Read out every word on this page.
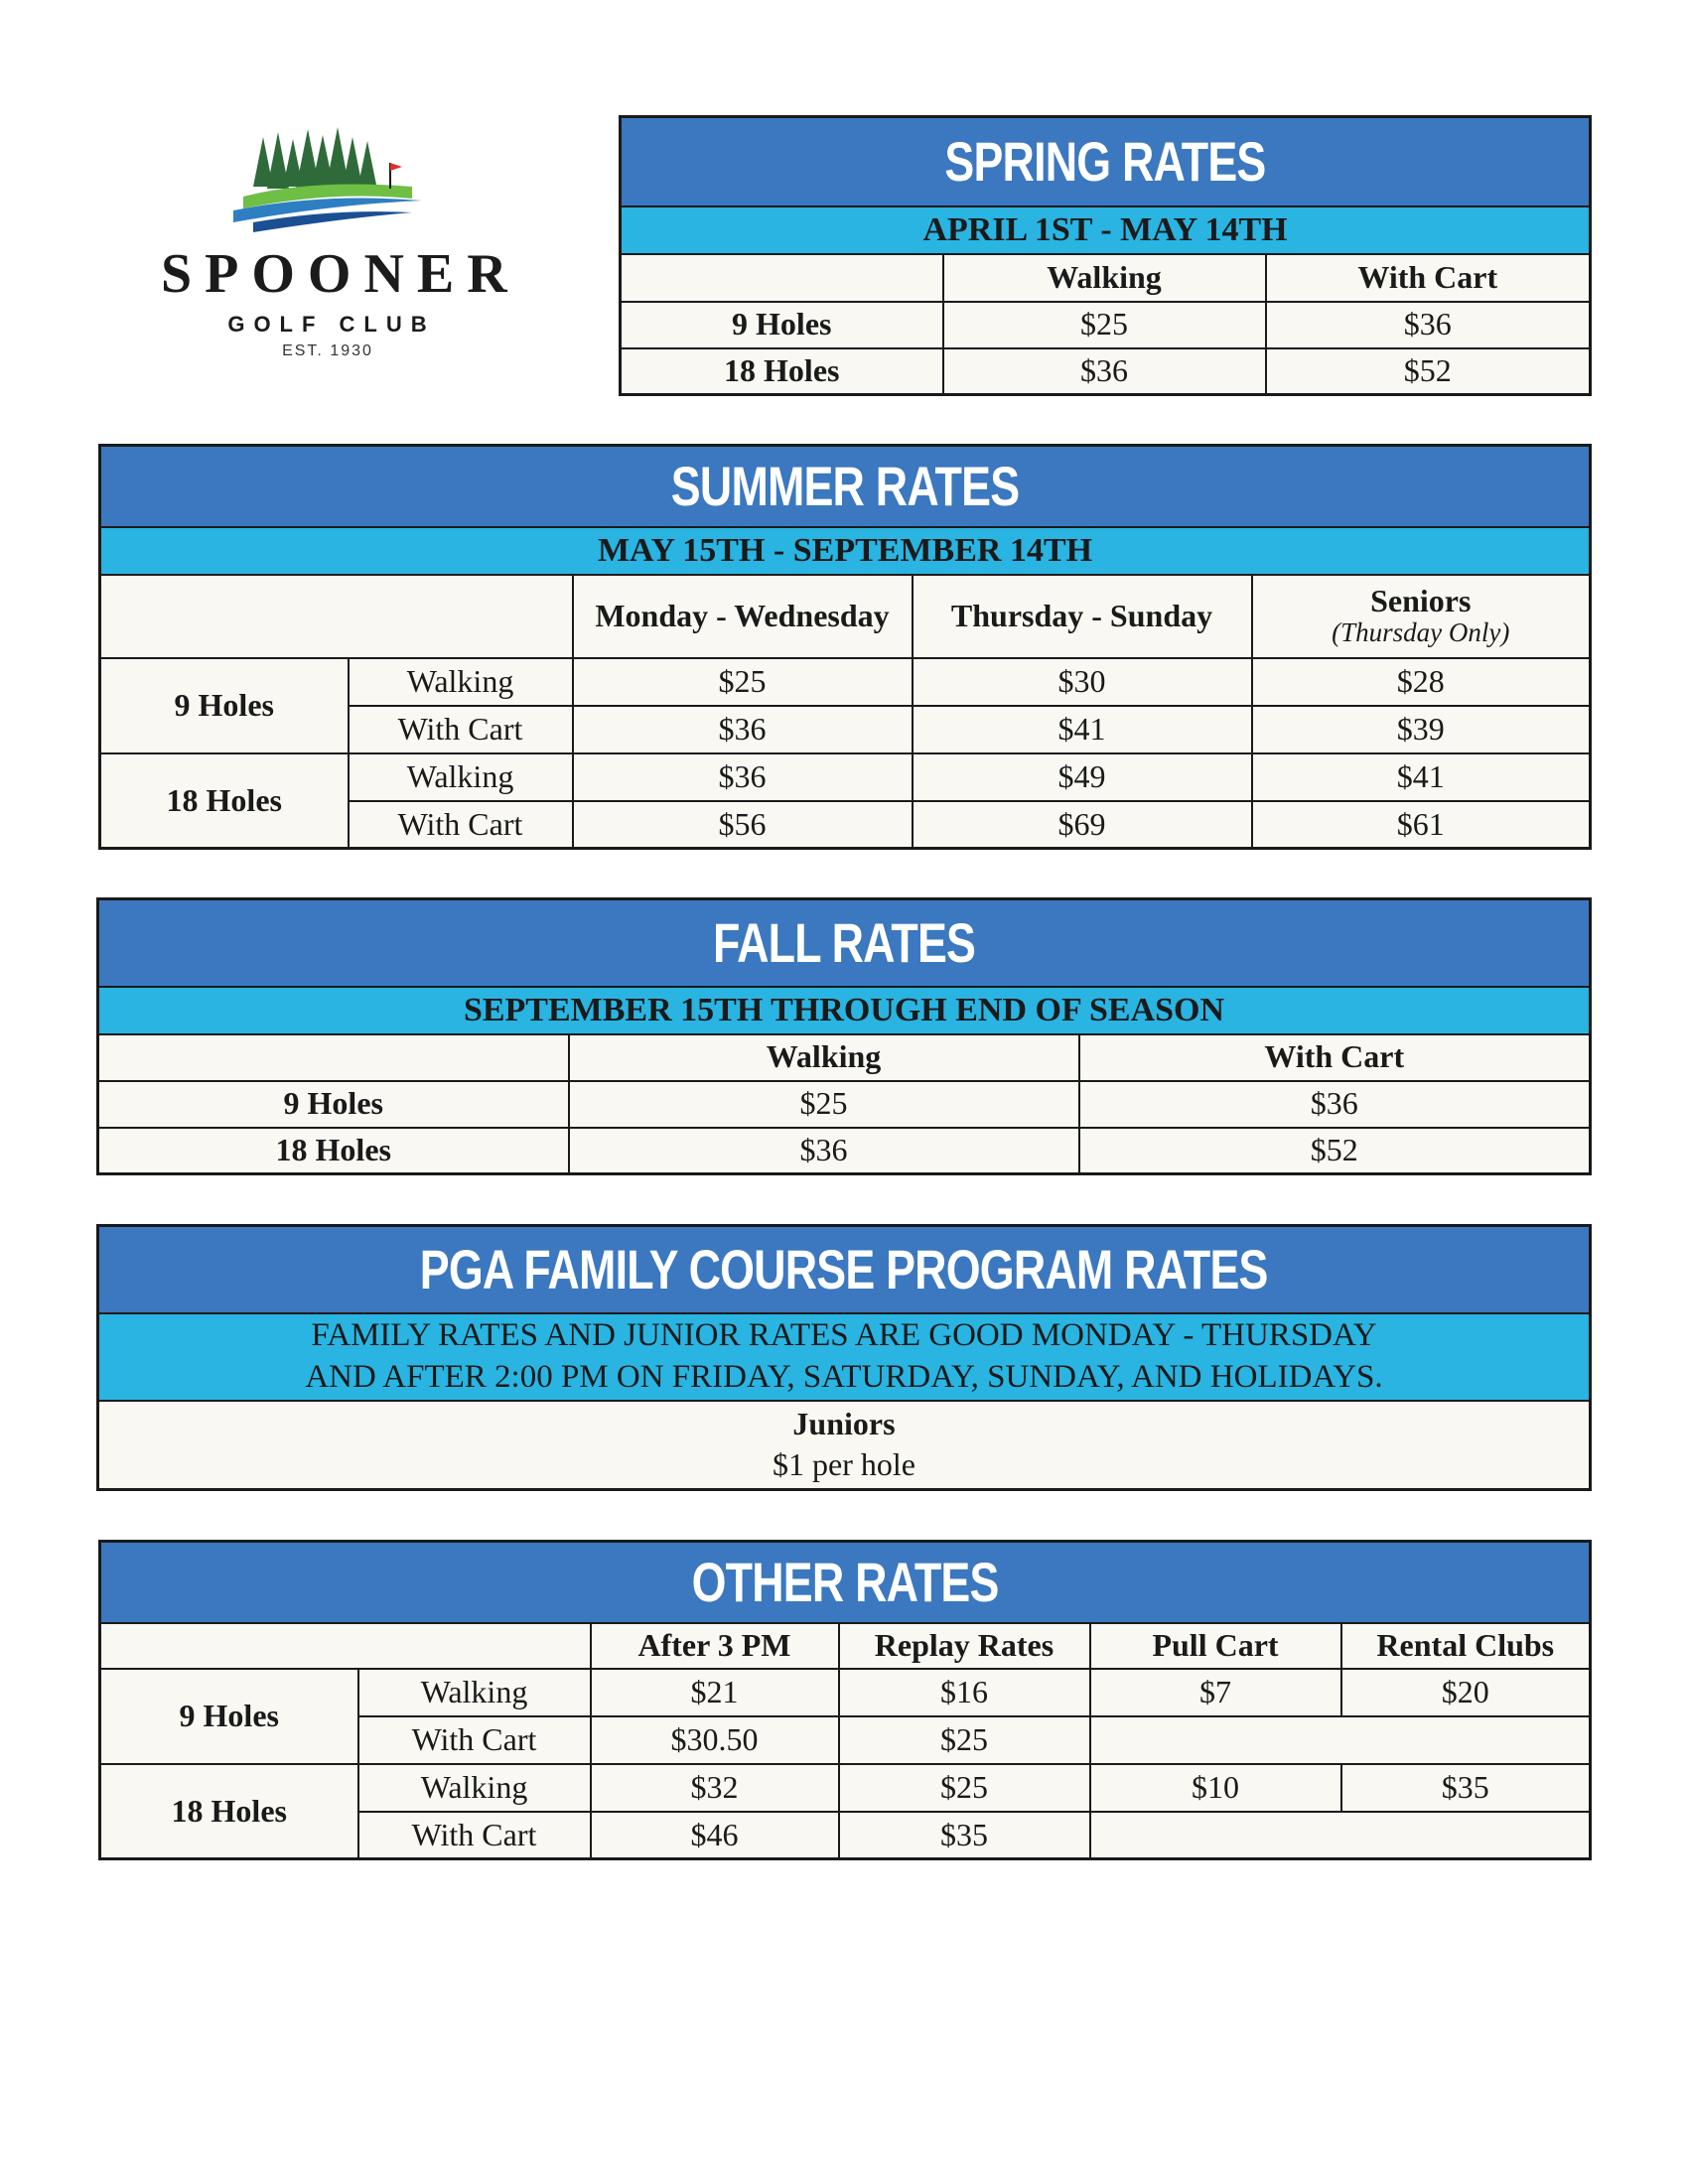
SPOONER
GOLF CLUB
EST. 1930
SPRING RATES		
APRIL 1ST - MAY 14TH		
	Walking	With Cart
9 Holes	$25	$36
18 Holes	$36	$52
SUMMER RATES				
MAY 15TH - SEPTEMBER 14TH				
		Monday - Wednesday	Thursday - Sunday	Seniors
(Thursday Only)

9 Holes	Walking	$25	$30	$28
	With Cart	$36	$41	$39
18 Holes	Walking	$36	$49	$41
	With Cart	$56	$69	$61
FALL RATES		
SEPTEMBER 15TH THROUGH END OF SEASON		
	Walking	With Cart
9 Holes	$25	$36
18 Holes	$36	$52
PGA FAMILY COURSE PROGRAM RATES
FAMILY RATES AND JUNIOR RATES ARE GOOD MONDAY - THURSDAY
AND AFTER 2:00 PM ON FRIDAY, SATURDAY, SUNDAY, AND HOLIDAYS.
Juniors
$1 per hole
OTHER RATES					
		After 3 PM	Replay Rates	Pull Cart	Rental Clubs
9 Holes	Walking	$21	$16	$7	$20
	With Cart	$30.50	$25		
18 Holes	Walking	$32	$25	$10	$35
	With Cart	$46	$35		
